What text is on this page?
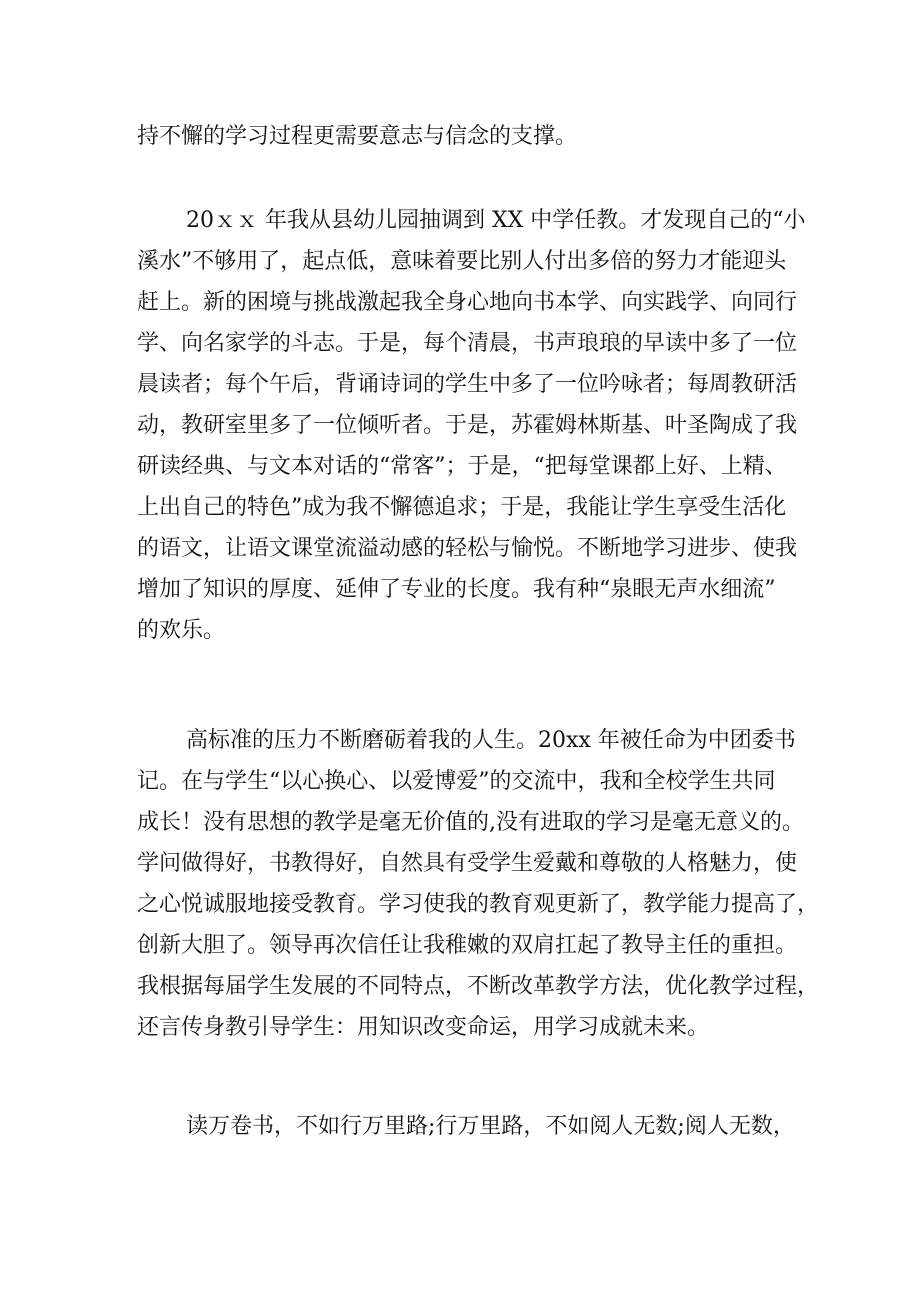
持不懈的学习过程更需要意志与信念的支撑。
20ｘｘ 年我从县幼儿园抽调到 XX 中学任教。才发现自己的“小
溪水”不够用了，起点低，意味着要比别人付出多倍的努力才能迎头
赶上。新的困境与挑战激起我全身心地向书本学、向实践学、向同行
学、向名家学的斗志。于是，每个清晨，书声琅琅的早读中多了一位
晨读者；每个午后，背诵诗词的学生中多了一位吟咏者；每周教研活
动，教研室里多了一位倾听者。于是，苏霍姆林斯基、叶圣陶成了我
研读经典、与文本对话的“常客”；于是，“把每堂课都上好、上精、
上出自己的特色”成为我不懈德追求；于是，我能让学生享受生活化
的语文，让语文课堂流溢动感的轻松与愉悦。不断地学习进步、使我
增加了知识的厚度、延伸了专业的长度。我有种“泉眼无声水细流”
的欢乐。
高标准的压力不断磨砺着我的人生。20xx 年被任命为中团委书
记。在与学生“以心换心、以爱博爱”的交流中，我和全校学生共同
成长！没有思想的教学是毫无价值的,没有进取的学习是毫无意义的。
学问做得好，书教得好，自然具有受学生爱戴和尊敬的人格魅力，使
之心悦诚服地接受教育。学习使我的教育观更新了，教学能力提高了，
创新大胆了。领导再次信任让我稚嫩的双肩扛起了教导主任的重担。
我根据每届学生发展的不同特点，不断改革教学方法，优化教学过程，
还言传身教引导学生：用知识改变命运，用学习成就未来。
读万卷书，不如行万里路;行万里路，不如阅人无数;阅人无数，
